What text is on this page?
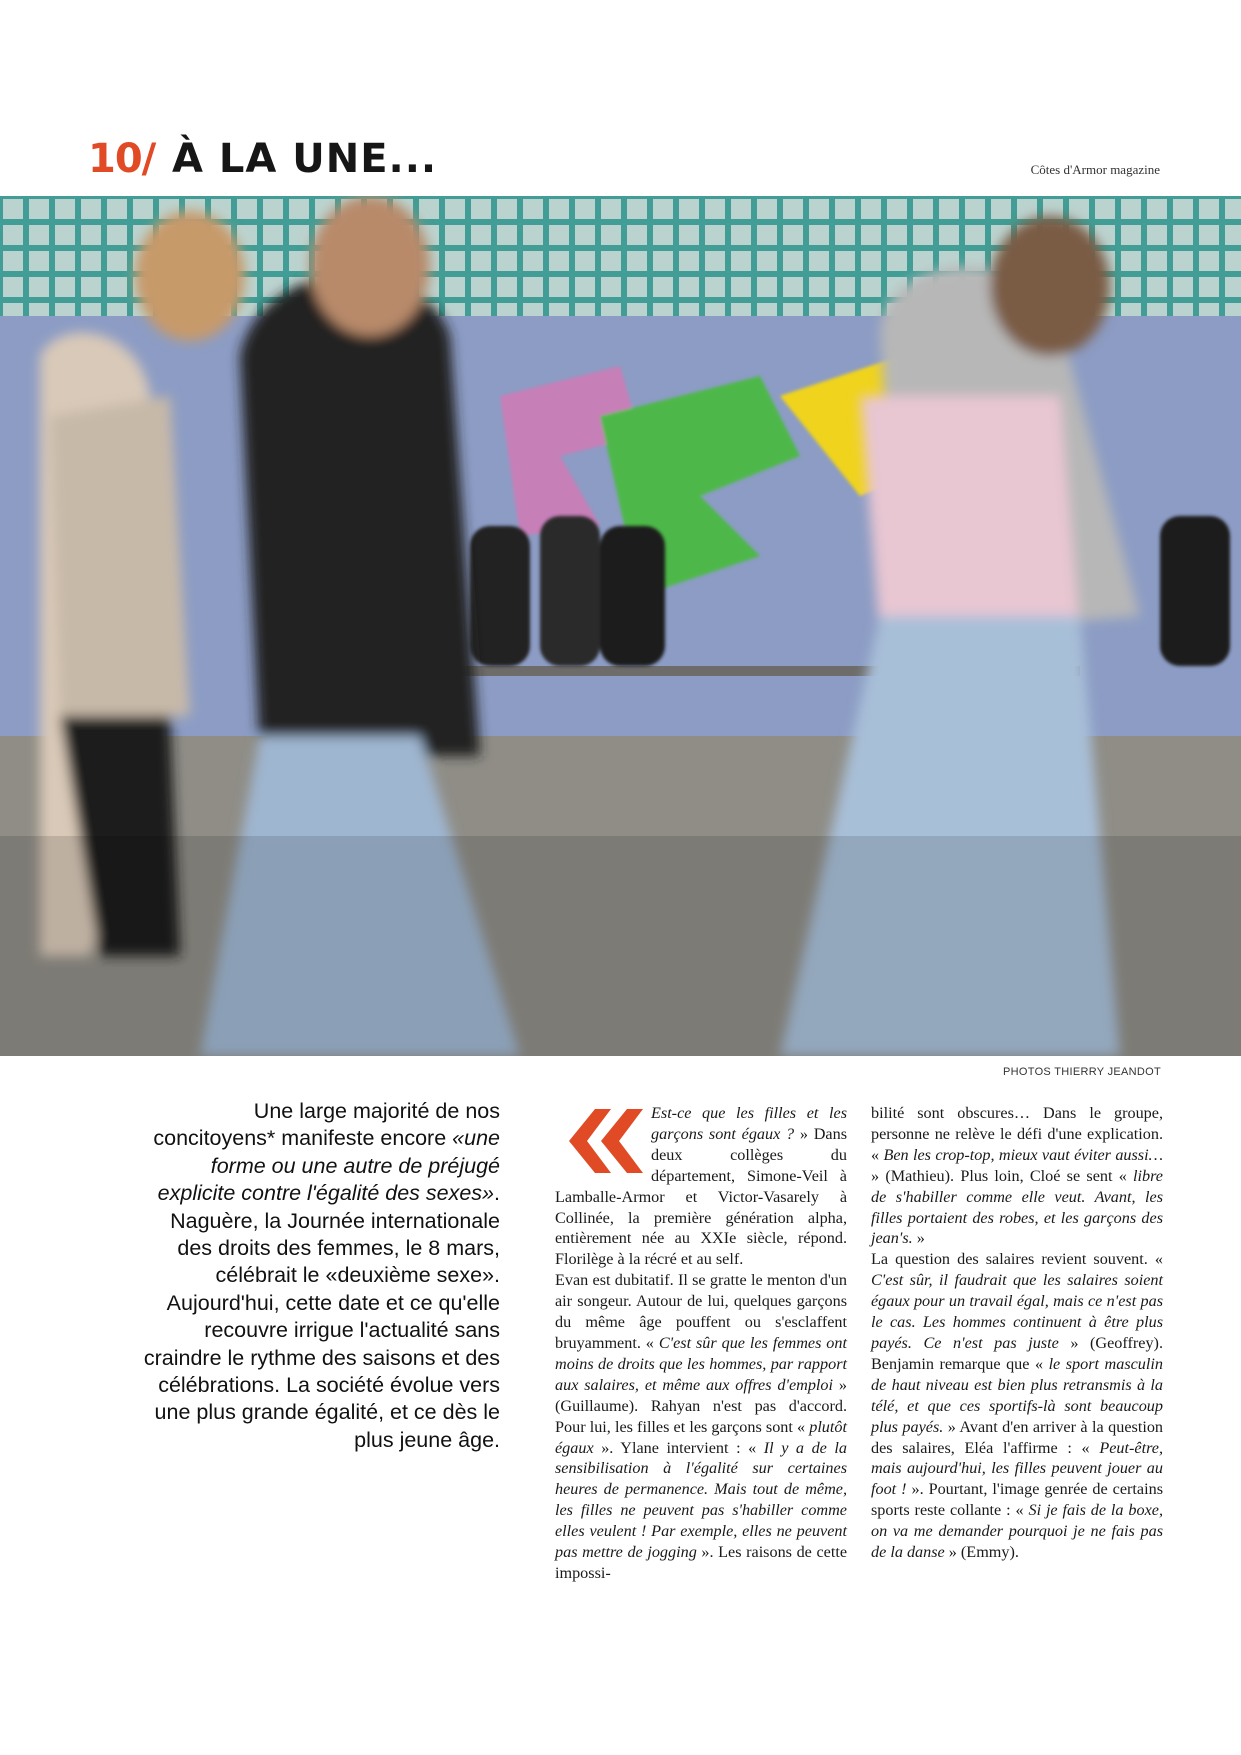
10/ À LA UNE...	Côtes d'Armor magazine
PHOTOS THIERRY JEANDOT
Une large majorité de nos concitoyens* manifeste encore «une forme ou une autre de préjugé explicite contre l'égalité des sexes». Naguère, la Journée internationale des droits des femmes, le 8 mars, célébrait le «deuxième sexe». Aujourd'hui, cette date et ce qu'elle recouvre irrigue l'actualité sans craindre le rythme des saisons et des célébrations. La société évolue vers une plus grande égalité, et ce dès le plus jeune âge.

Est-ce que les filles et les garçons sont égaux ? » Dans deux collèges du département, Simone-Veil à Lamballe-Armor et Victor-Vasarely à Collinée, la première génération alpha, entièrement née au XXIe siècle, répond. Florilège à la récré et au self.

Evan est dubitatif. Il se gratte le menton d'un air songeur. Autour de lui, quelques garçons du même âge pouffent ou s'esclaffent bruyamment. « C'est sûr que les femmes ont moins de droits que les hommes, par rapport aux salaires, et même aux offres d'emploi » (Guillaume). Rahyan n'est pas d'accord. Pour lui, les filles et les garçons sont « plutôt égaux ». Ylane intervient : « Il y a de la sensibilisation à l'égalité sur certaines heures de permanence. Mais tout de même, les filles ne peuvent pas s'habiller comme elles veulent ! Par exemple, elles ne peuvent pas mettre de jogging ». Les raisons de cette impossi-

bilité sont obscures… Dans le groupe, personne ne relève le défi d'une explication. « Ben les crop-top, mieux vaut éviter aussi… » (Mathieu). Plus loin, Cloé se sent « libre de s'habiller comme elle veut. Avant, les filles portaient des robes, et les garçons des jean's. »

La question des salaires revient souvent. « C'est sûr, il faudrait que les salaires soient égaux pour un travail égal, mais ce n'est pas le cas. Les hommes continuent à être plus payés. Ce n'est pas juste » (Geoffrey). Benjamin remarque que « le sport masculin de haut niveau est bien plus retransmis à la télé, et que ces sportifs-là sont beaucoup plus payés. » Avant d'en arriver à la question des salaires, Eléa l'affirme : « Peut-être, mais aujourd'hui, les filles peuvent jouer au foot ! ». Pourtant, l'image genrée de certains sports reste collante : « Si je fais de la boxe, on va me demander pourquoi je ne fais pas de la danse » (Emmy).
